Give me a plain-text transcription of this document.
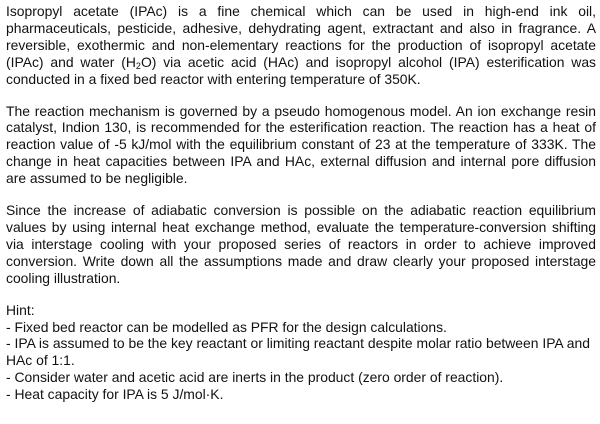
Isopropyl acetate (IPAc) is a fine chemical which can be used in high-end ink oil, pharmaceuticals, pesticide, adhesive, dehydrating agent, extractant and also in fragrance. A reversible, exothermic and non-elementary reactions for the production of isopropyl acetate (IPAc) and water $(H_2O)$ via acetic acid (HAc) and isopropyl alcohol (IPA) esterification was conducted in a fixed bed reactor with entering temperature of 350K.

The reaction mechanism is governed by a pseudo homogenous model. An ion exchange resin catalyst, Indion 130, is recommended for the esterification reaction. The reaction has a heat of reaction value of -5 kJ/mol with the equilibrium constant of 23 at the temperature of 333K. The change in heat capacities between IPA and HAc, external diffusion and internal pore diffusion are assumed to be negligible.

Since the increase of adiabatic conversion is possible on the adiabatic reaction equilibrium values by using internal heat exchange method, evaluate the temperature-conversion shifting via interstage cooling with your proposed series of reactors in order to achieve improved conversion. Write down all the assumptions made and draw clearly your proposed interstage cooling illustration.

Hint:

- Fixed bed reactor can be modelled as PFR for the design calculations.

- IPA is assumed to be the key reactant or limiting reactant despite molar ratio between IPA and HAc of 1:1.

- Consider water and acetic acid are inerts in the product (zero order of reaction).

- Heat capacity for IPA is 5 J/mol·K.
